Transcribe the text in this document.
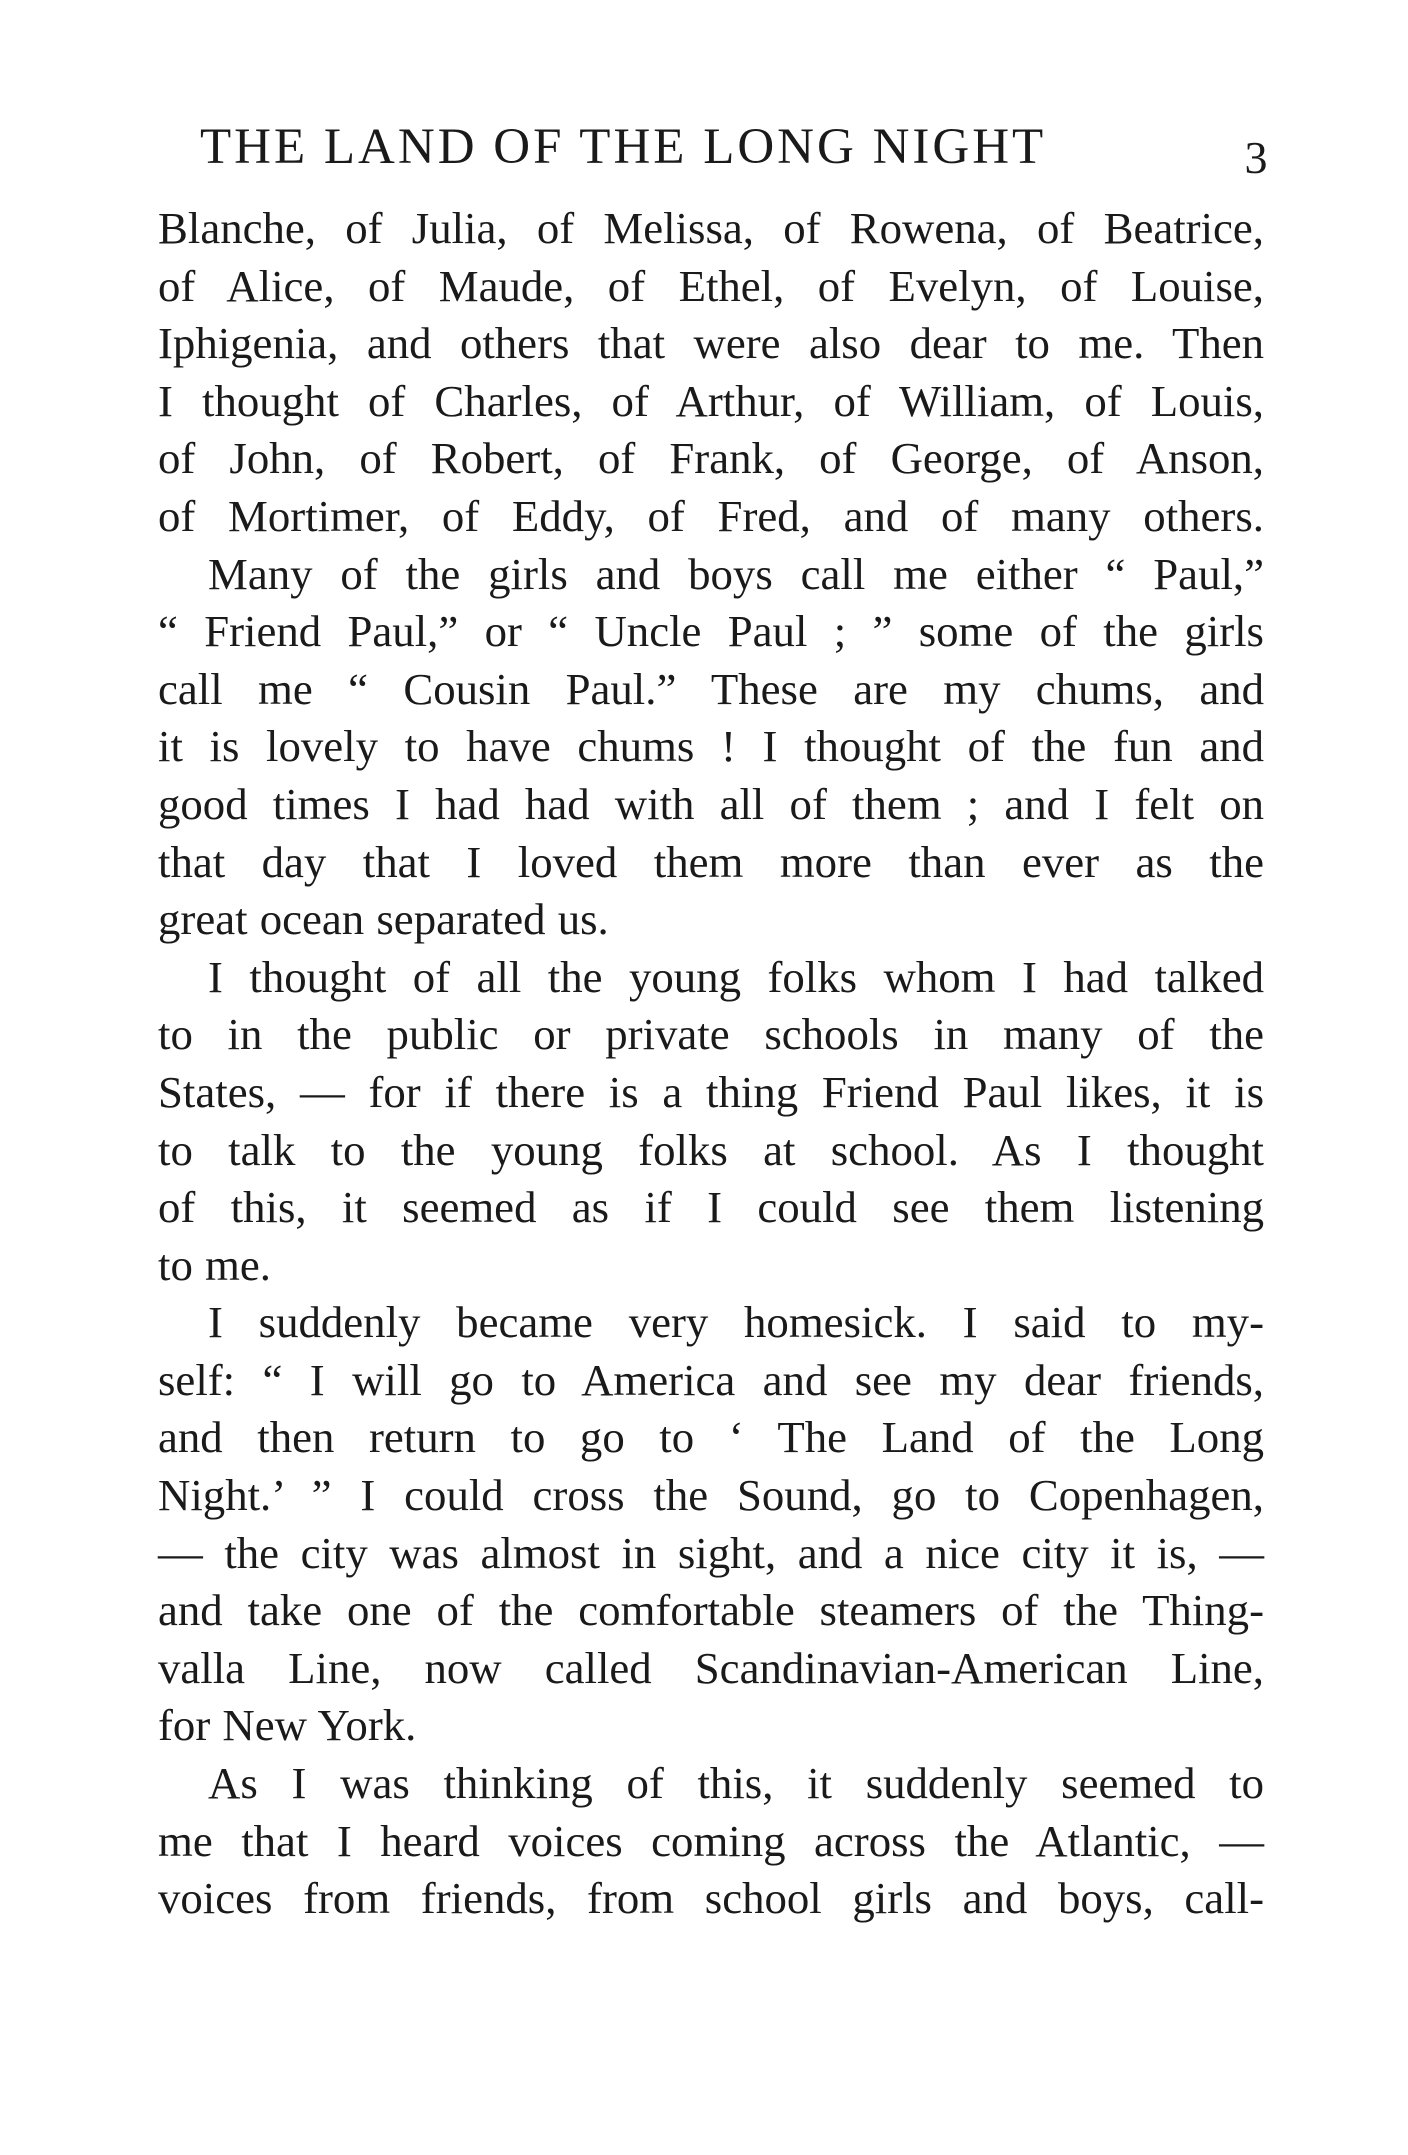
THE LAND OF THE LONG NIGHT	3
Blanche, of Julia, of Melissa, of Rowena, of Beatrice,
of Alice, of Maude, of Ethel, of Evelyn, of Louise,
Iphigenia, and others that were also dear to me. Then
I thought of Charles, of Arthur, of William, of Louis,
of John, of Robert, of Frank, of George, of Anson,
of Mortimer, of Eddy, of Fred, and of many others.
Many of the girls and boys call me either “ Paul,”
“ Friend Paul,” or “ Uncle Paul ; ” some of the girls
call me “ Cousin Paul.” These are my chums, and
it is lovely to have chums ! I thought of the fun and
good times I had had with all of them ; and I felt on
that day that I loved them more than ever as the
great ocean separated us.
I thought of all the young folks whom I had talked
to in the public or private schools in many of the
States, — for if there is a thing Friend Paul likes, it is
to talk to the young folks at school. As I thought
of this, it seemed as if I could see them listening
to me.
I suddenly became very homesick. I said to my-
self: “ I will go to America and see my dear friends,
and then return to go to ‘ The Land of the Long
Night.’ ” I could cross the Sound, go to Copenhagen,
— the city was almost in sight, and a nice city it is, —
and take one of the comfortable steamers of the Thing-
valla Line, now called Scandinavian-American Line,
for New York.
As I was thinking of this, it suddenly seemed to
me that I heard voices coming across the Atlantic, —
voices from friends, from school girls and boys, call-
